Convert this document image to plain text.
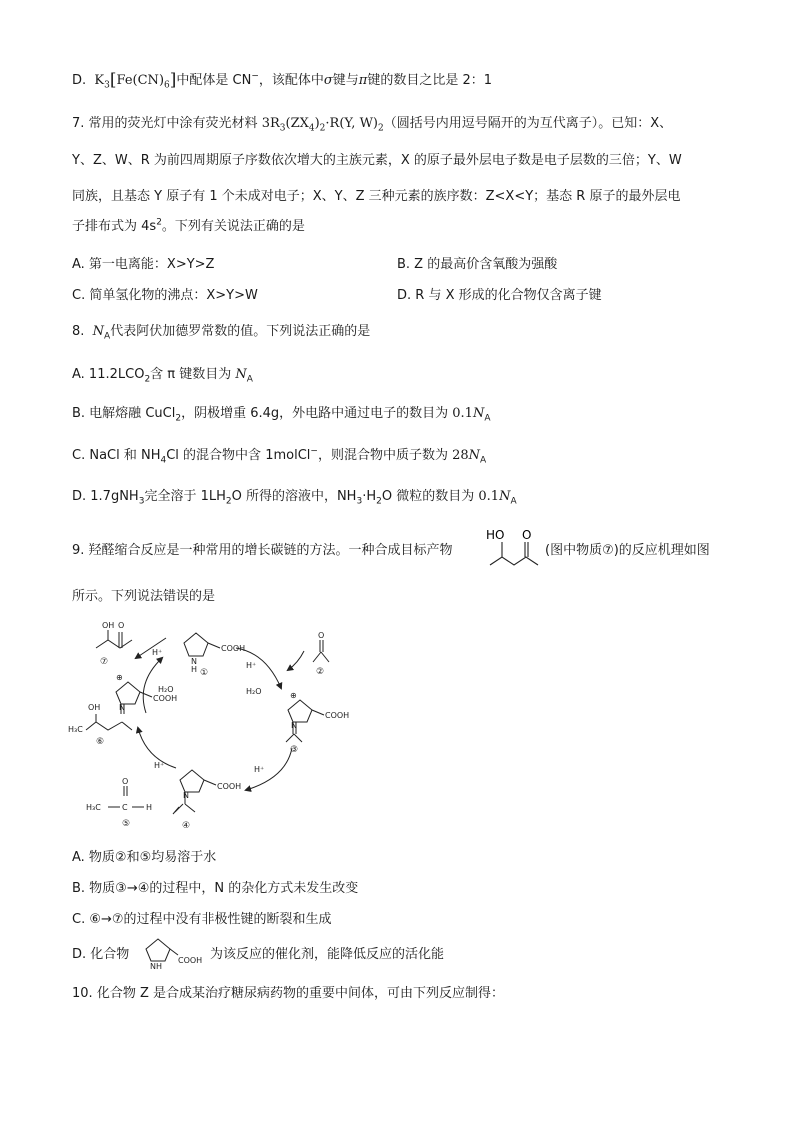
D. $K_3[Fe(CN)_6]$中配体是 CN−，该配体中σ键与π键的数目之比是 2：1
7. 常用的荧光灯中涂有荧光材料 $3R_3(ZX_4)_2\cdot R(Y$, $W)_2$（圆括号内用逗号隔开的为互代离子）。已知：X、
Y、Z、W、R 为前四周期原子序数依次增大的主族元素，X 的原子最外层电子数是电子层数的三倍；Y、W
同族，且基态 Y 原子有 1 个未成对电子；X、Y、Z 三种元素的族序数：Z<X<Y；基态 R 原子的最外层电
子排布式为 $4s^2$。下列有关说法正确的是
A. 第一电离能：X>Y>Z	B. Z 的最高价含氧酸为强酸
C. 简单氢化物的沸点：X>Y>W	D. R 与 X 形成的化合物仅含离子键
8. $N_A$代表阿伏加德罗常数的值。下列说法正确的是
A. $11.2LCO_2$含 π 键数目为 $N_A$
B. 电解熔融 CuCl$_2$，阴极增重 6.4g，外电路中通过电子的数目为 $0.1N_A$
C. NaCl 和 $NH_4Cl$ 的混合物中含 1molCl−，则混合物中质子数为 $28N_A$
D. 1.7gNH$_3$完全溶于 $1LH_2O$ 所得的溶液中，$NH_3\cdot H_2O$ 微粒的数目为 $0.1N_A$
9. 羟醛缩合反应是一种常用的增长碳链的方法。一种合成目标产物
HO O
(图中物质⑦)的反应机理如图
所示。下列说法错误的是
O
OH
⑦	N
H
COOH
①
O
②
H⁺
H₂O
H⁺
H₂O	⊕
N
COOH
③
H⁺
N
COOH
④
O
H₃C	C H
⑤
H⁺
⊕
N
COOH
OH
H₃C
⑥
A. 物质②和⑤均易溶于水
B. 物质③→④的过程中，N 的杂化方式未发生改变
C. ⑥→⑦的过程中没有非极性键的断裂和生成
D. 化合物
N H
COOH 为该反应的催化剂，能降低反应的活化能
10. 化合物 Z 是合成某治疗糖尿病药物的重要中间体，可由下列反应制得：
